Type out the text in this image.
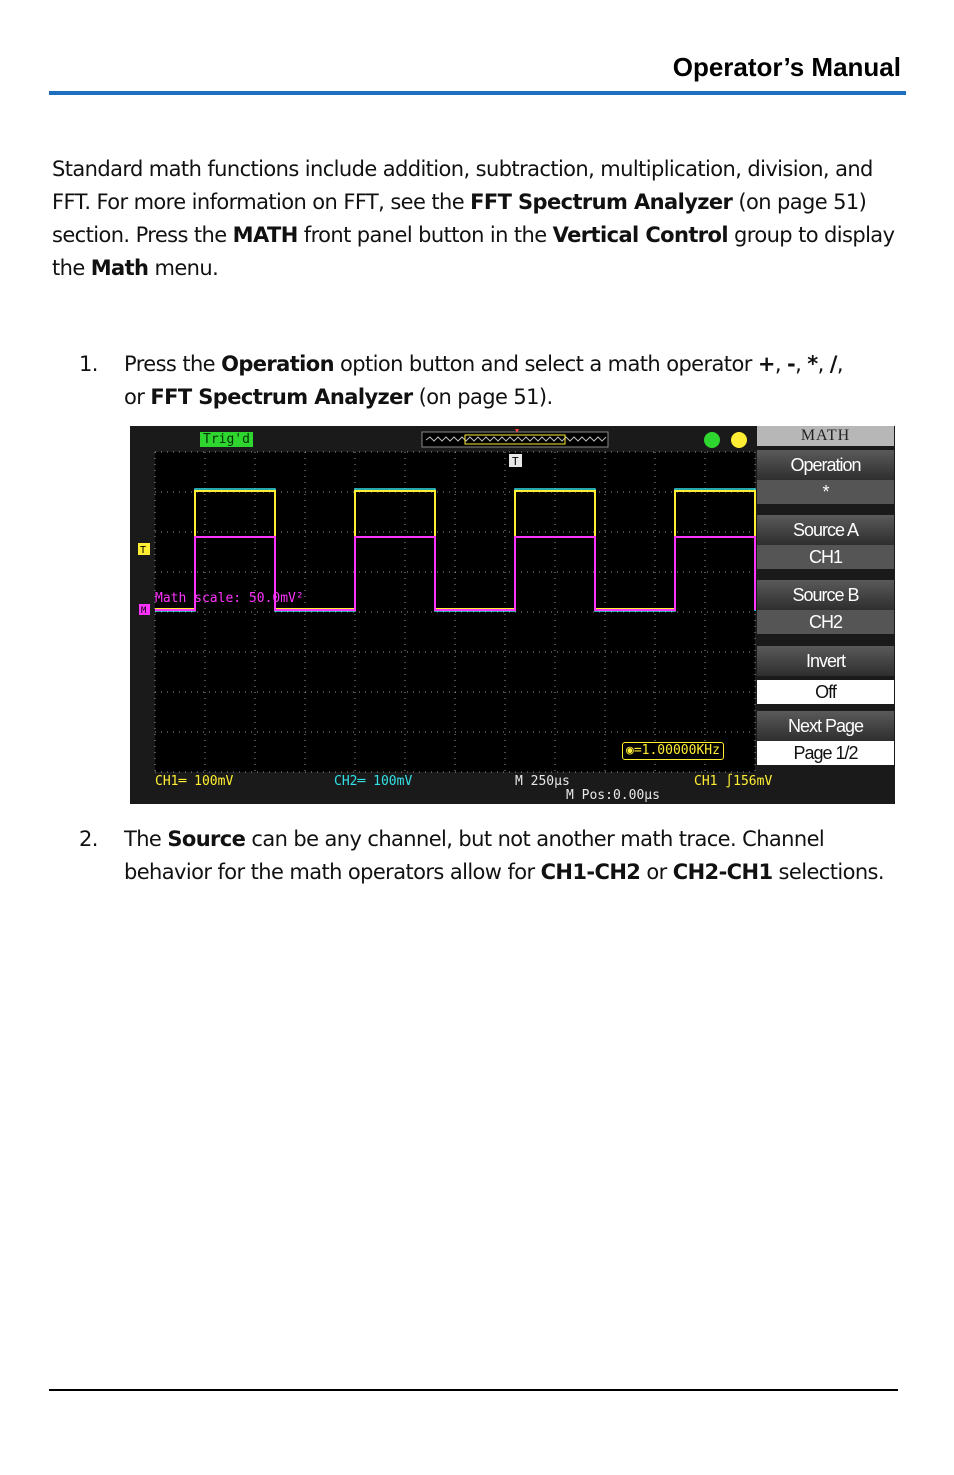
Operator’s Manual
Standard math functions include addition, subtraction, multiplication, division, and FFT. For more information on FFT, see the FFT Spectrum Analyzer (on page 51) section. Press the MATH front panel button in the Vertical Control group to display the Math menu.
1. Press the Operation option button and select a math operator +, -, *, /,
or FFT Spectrum Analyzer (on page 51).
T
T
M
Trig'd
Math scale: 50.0mV²
◉=1.00000KHz
MATH
Operation
*
Source A
CH1
Source B
CH2
Invert
Off
Next Page
Page 1/2
CH1═ 100mV	CH2═ 100mV	M 250µs
M Pos:0.00µs
CH1 ∫156mV
2. The Source can be any channel, but not another math trace. Channel behavior for the math operators allow for CH1-CH2 or CH2-CH1 selections.
